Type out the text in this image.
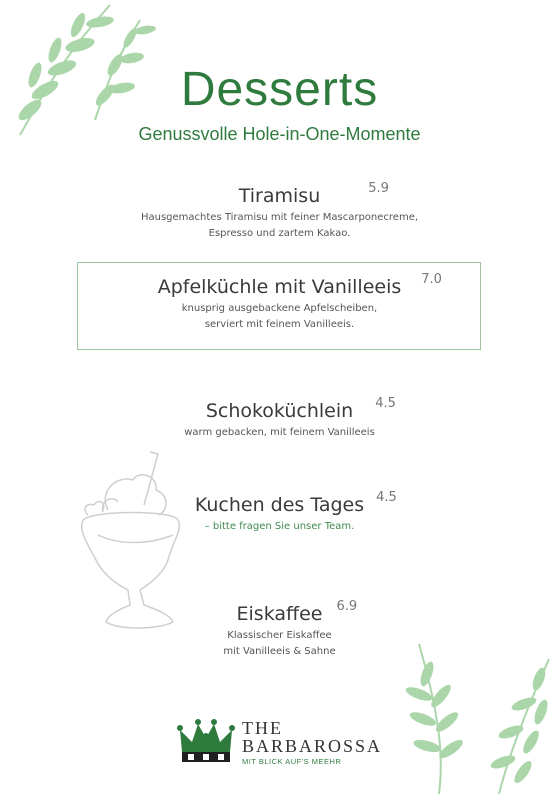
Desserts
Genussvolle Hole-in-One-Momente
Tiramisu	5.9
Hausgemachtes Tiramisu mit feiner Mascarponecreme,
Espresso und zartem Kakao.
Apfelküchle mit Vanilleeis 7.0
knusprig ausgebackene Apfelscheiben,
serviert mit feinem Vanilleeis.
Schokoküchlein 4.5
warm gebacken, mit feinem Vanilleeis
Kuchen des Tages 4.5
– bitte fragen Sie unser Team.
Eiskaffee 6.9
Klassischer Eiskaffee
mit Vanilleeis & Sahne
THE
BARBAROSSA
MIT BLICK AUF'S MEEHR
